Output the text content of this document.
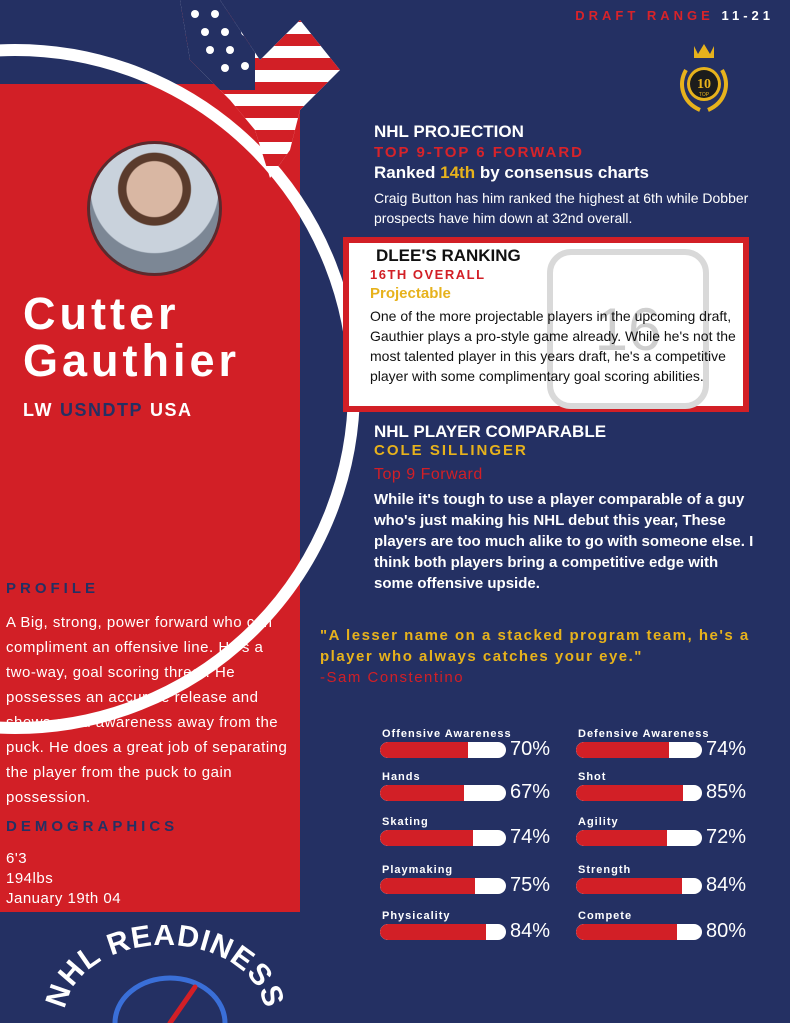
DRAFT RANGE 11-21
10
TOP
Cutter
Gauthier
LW USNDTP USA
PROFILE
A Big, strong, power forward who can compliment an offensive line. He's a two-way, goal scoring threat. He possesses an accurate release and shows good awareness away from the puck. He does a great job of separating the player from the puck to gain possession.
DEMOGRAPHICS
6'3
194lbs
January 19th 04
NHL PROJECTION
TOP 9-TOP 6 FORWARD
Ranked 14th by consensus charts
Craig Button has him ranked the highest at 6th while Dobber prospects have him down at 32nd overall.
16
DLEE'S RANKING
16TH OVERALL
Projectable
One of the more projectable players in the upcoming draft, Gauthier plays a pro-style game already. While he's not the most talented player in this years draft, he's a competitive player with some complimentary goal scoring abilities.
NHL PLAYER COMPARABLE
COLE SILLINGER
Top 9 Forward
While it's tough to use a player comparable of a guy who's just making his NHL debut this year, These players are too much alike to go with someone else. I think both players bring a competitive edge with some offensive upside.
"A lesser name on a stacked program team, he's a player who always catches your eye."
-Sam Constentino
Offensive Awareness
70%
Defensive Awareness
74%
Hands
67%
Shot
85%
Skating
74%
Agility
72%
Playmaking
75%
Strength
84%
Physicality
84%
Compete
80%
NHL READINESS
